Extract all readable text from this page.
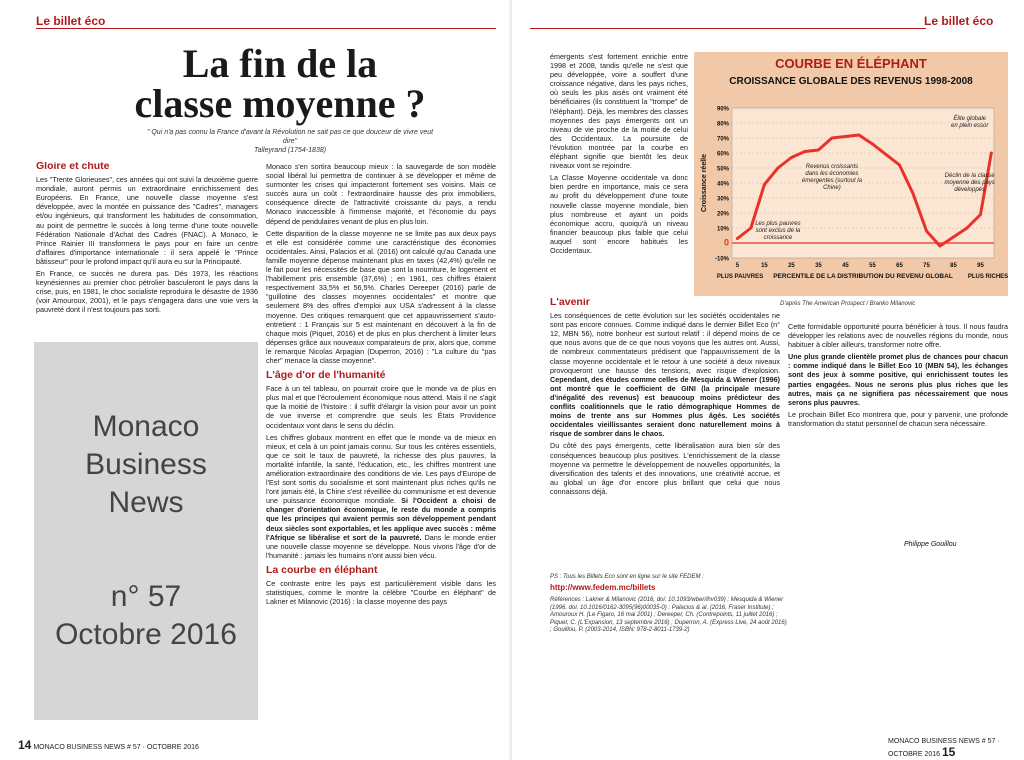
Le billet éco
La fin de la
classe moyenne ?
" Qui n'a pas connu la France d'avant la Révolution ne sait pas ce que douceur de vivre veut dire"
Talleyrand (1754-1838)
Gloire et chute

Les "Trente Glorieuses", ces années qui ont suivi la deuxième guerre mondiale, auront permis un extraordinaire enrichissement des Européens. En France, une nouvelle classe moyenne s'est développée, avec la montée en puissance des "Cadres", managers et/ou ingénieurs, qui transforment les habitudes de consommation, au point de permettre le succès à long terme d'une toute nouvelle Fédération Nationale d'Achat des Cadres (FNAC). A Monaco, le Prince Rainier III transformera le pays pour en faire un centre d'affaires d'importance internationale : il sera appelé le "Prince bâtisseur" pour le profond impact qu'il aura eu sur la Principauté.

En France, ce succès ne durera pas. Dès 1973, les réactions keynésiennes au premier choc pétrolier basculeront le pays dans la crise, puis, en 1981, le choc socialiste reproduira le désastre de 1936 (voir Amouroux, 2001), et le pays s'engagera dans une voie vers la pauvreté dont il n'est toujours pas sorti.

Monaco
Business
News
n° 57
Octobre 2016

Monaco s'en sortira beaucoup mieux : la sauvegarde de son modèle social libéral lui permettra de continuer à se développer et même de surmonter les crises qui impacteront fortement ses voisins. Mais ce succès aura un coût : l'extraordinaire hausse des prix immobiliers, conséquence directe de l'attractivité croissante du pays, a rendu Monaco inaccessible à l'immense majorité, et l'économie du pays dépend de pendulaires venant de plus en plus loin.

Cette disparition de la classe moyenne ne se limite pas aux deux pays et elle est considérée comme une caractéristique des économies occidentales. Ainsi, Palacios et al. (2016) ont calculé qu'au Canada une famille moyenne dépense maintenant plus en taxes (42,4%) qu'elle ne le fait pour les nécessités de base que sont la nourriture, le logement et l'habillement pris ensemble (37,6%) ; en 1961, ces chiffres étaient respectivement 33,5% et 56,5%. Charles Dereeper (2016) parle de "guillotine des classes moyennes occidentales" et montre que seulement 8% des offres d'emploi aux USA s'adressent à la classe moyenne. Des critiques remarquent que cet appauvrissement s'auto-entretient : 1 Français sur 5 est maintenant en découvert à la fin de chaque mois (Piquet, 2016) et de plus en plus cherchent à limiter leurs dépenses grâce aux nouveaux comparateurs de prix, alors que, comme le remarque Nicolas Arpagian (Duperron, 2016) : "La culture du "pas cher" menace la classe moyenne".

L'âge d'or de l'humanité

Face à un tel tableau, on pourrait croire que le monde va de plus en plus mal et que l'écroulement économique nous attend. Mais il ne s'agit que la moitié de l'histoire : il suffit d'élargir la vision pour avoir un point de vue inverse et comprendre que seuls les États Providence occidentaux vont dans le sens du déclin.

Les chiffres globaux montrent en effet que le monde va de mieux en mieux, et cela à un point jamais connu. Sur tous les critères essentiels, que ce soit le taux de pauvreté, la richesse des plus pauvres, la mortalité infantile, la santé, l'éducation, etc., les chiffres montrent une amélioration extraordinaire des conditions de vie. Les pays d'Europe de l'Est sont sortis du socialisme et sont maintenant plus riches qu'ils ne l'ont jamais été, la Chine s'est réveillée du communisme et est devenue une puissance économique mondiale. Si l'Occident a choisi de changer d'orientation économique, le reste du monde a compris que les principes qui avaient permis son développement pendant deux siècles sont exportables, et les applique avec succès : même l'Afrique se libéralise et sort de la pauvreté. Dans le monde entier une nouvelle classe moyenne se développe. Nous vivons l'âge d'or de l'humanité : jamais les humains n'ont aussi bien vécu.

La courbe en éléphant

Ce contraste entre les pays est particulièrement visible dans les statistiques, comme le montre la célèbre "Courbe en éléphant" de Lakner et Milanovic (2016) : la classe moyenne des pays

14 MONACO BUSINESS NEWS # 57 · OCTOBRE 2016
Le billet éco

émergents s'est fortement enrichie entre 1998 et 2008, tandis qu'elle ne s'est que peu développée, voire a souffert d'une croissance négative, dans les pays riches, où seuls les plus aisés ont vraiment été bénéficiaires (ils constituent la "trompe" de l'éléphant). Déjà, les membres des classes moyennes des pays émergents ont un niveau de vie proche de la moitié de celui des Occidentaux. La poursuite de l'évolution montrée par la courbe en éléphant signifie que bientôt les deux niveaux vont se rejoindre.

La Classe Moyenne occidentale va donc bien perdre en importance, mais ce sera au profit du développement d'une toute nouvelle classe moyenne mondiale, bien plus nombreuse et ayant un poids économique accru, quoiqu'à un niveau financier beaucoup plus faible que celui auquel sont encore habitués les Occidentaux.

COURBE EN ÉLÉPHANT
CROISSANCE GLOBALE DES REVENUS 1998-2008
-10%
0
10%
20%
30%
40%
50%
60%
70%
80%
90%
5	15	25	35	45	55	65	75	85	95
Croissance réelle
PERCENTILE DE LA DISTRIBUTION DU REVENU GLOBAL
PLUS PAUVRES	PLUS RICHES
Revenus croissants dans les économies émergentes (surtout la Chine)
Élite globale en plein essor
Déclin de la classe moyenne des pays développés
Les plus pauvres sont exclus de la croissance
D'après The American Prospect / Branko Milanovic
L'avenir

Les conséquences de cette évolution sur les sociétés occidentales ne sont pas encore connues. Comme indiqué dans le dernier Billet Eco (n° 12, MBN 56), notre bonheur est surtout relatif : il dépend moins de ce que nous avons que de ce que nous voyons que les autres ont. Aussi, de nombreux commentateurs prédisent que l'appauvrissement de la classe moyenne occidentale et le retour à une société à deux niveaux provoqueront une hausse des tensions, avec risque d'explosion. Cependant, des études comme celles de Mesquida & Wiener (1996) ont montré que le coefficient de GINI (la principale mesure d'inégalité des revenus) est beaucoup moins prédicteur des conflits coalitionnels que le ratio démographique Hommes de moins de trente ans sur Hommes plus âgés. Les sociétés occidentales vieillissantes seraient donc naturellement moins à risque de sombrer dans le chaos.

Du côté des pays émergents, cette libéralisation aura bien sûr des conséquences beaucoup plus positives. L'enrichissement de la classe moyenne va permettre le développement de nouvelles opportunités, la diversification des talents et des innovations, une créativité accrue, et au global un âge d'or encore plus brillant que celui que nous connaissons déjà.

Cette formidable opportunité pourra bénéficier à tous. Il nous faudra développer les relations avec de nouvelles régions du monde, nous habituer à cibler ailleurs, transformer notre offre.

Une plus grande clientèle promet plus de chances pour chacun : comme indiqué dans le Billet Eco 10 (MBN 54), les échanges sont des jeux à somme positive, qui enrichissent toutes les parties engagées. Nous ne serons plus plus riches que les autres, mais ça ne signifiera pas nécessairement que nous serons plus pauvres.

Le prochain Billet Eco montrera que, pour y parvenir, une profonde transformation du statut personnel de chacun sera nécessaire.

Philippe Gouillou
PS : Tous les Billets Eco sont en ligne sur le site FEDEM :
http://www.fedem.mc/billets
Références : Lakner & Milanovic (2016, doi: 10.1093/wber/lhv039) ; Mesquida & Wiener (1996, doi: 10.1016/0162-3095(96)00035-0) ; Palacios & al. (2016, Fraser Institute) ; Amouroux H. (Le Figaro, 16 mai 2001) ; Dereeper, Ch. (Contrepoints, 11 juillet 2016) ; Piquet, C. (L'Expansion, 13 septembre 2016) ; Duperron, A. (Express Live, 24 août 2016) ; Gouillou, P. (2003-2014, ISBN: 978-2-8011-1739-2)
MONACO BUSINESS NEWS # 57 · OCTOBRE 2016 15
